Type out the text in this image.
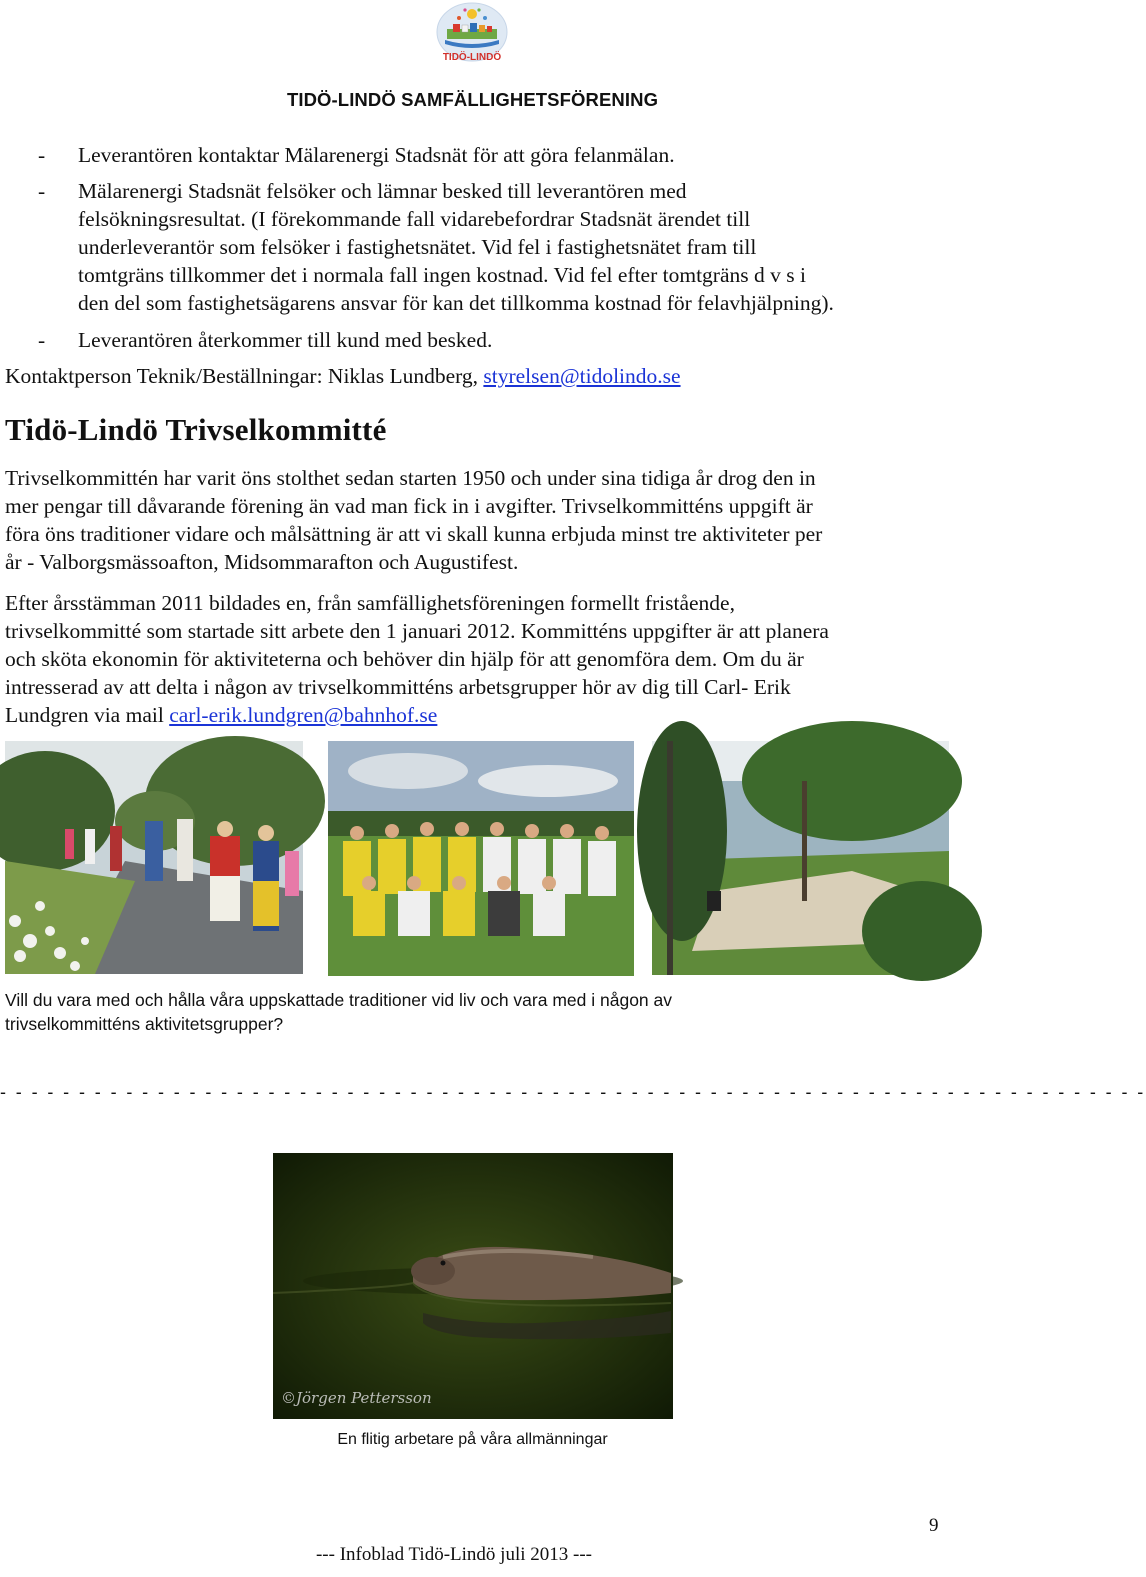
TIDÖ-LINDÖ
TIDÖ-LINDÖ SAMFÄLLIGHETSFÖRENING
- Leverantören kontaktar Mälarenergi Stadsnät för att göra felanmälan.
- Mälarenergi Stadsnät felsöker och lämnar besked till leverantören med
felsökningsresultat. (I förekommande fall vidarebefordrar Stadsnät ärendet till
underleverantör som felsöker i fastighetsnätet. Vid fel i fastighetsnätet fram till
tomtgräns tillkommer det i normala fall ingen kostnad. Vid fel efter tomtgräns d v s i
den del som fastighetsägarens ansvar för kan det tillkomma kostnad för felavhjälpning).
- Leverantören återkommer till kund med besked.
Kontaktperson Teknik/Beställningar: Niklas Lundberg, styrelsen@tidolindo.se
Tidö-Lindö Trivselkommitté
Trivselkommittén har varit öns stolthet sedan starten 1950 och under sina tidiga år drog den in
mer pengar till dåvarande förening än vad man fick in i avgifter. Trivselkommitténs uppgift är
föra öns traditioner vidare och målsättning är att vi skall kunna erbjuda minst tre aktiviteter per
år - Valborgsmässoafton, Midsommarafton och Augustifest.
Efter årsstämman 2011 bildades en, från samfällighetsföreningen formellt fristående,
trivselkommitté som startade sitt arbete den 1 januari 2012. Kommitténs uppgifter är att planera
och sköta ekonomin för aktiviteterna och behöver din hjälp för att genomföra dem. Om du är
intresserad av att delta i någon av trivselkommitténs arbetsgrupper hör av dig till Carl- Erik
Lundgren via mail carl-erik.lundgren@bahnhof.se
Vill du vara med och hålla våra uppskattade traditioner vid liv och vara med i någon av
trivselkommitténs aktivitetsgrupper?
- - - - - - - - - - - - - - - - - - - - - - - - - - - - - - - - - - - - - - - - - - - - - - - - - - - - - - - - - - - - - - - - - - - - - - - - -
©Jörgen Pettersson
En flitig arbetare på våra allmänningar
9
--- Infoblad Tidö-Lindö juli 2013 ---
